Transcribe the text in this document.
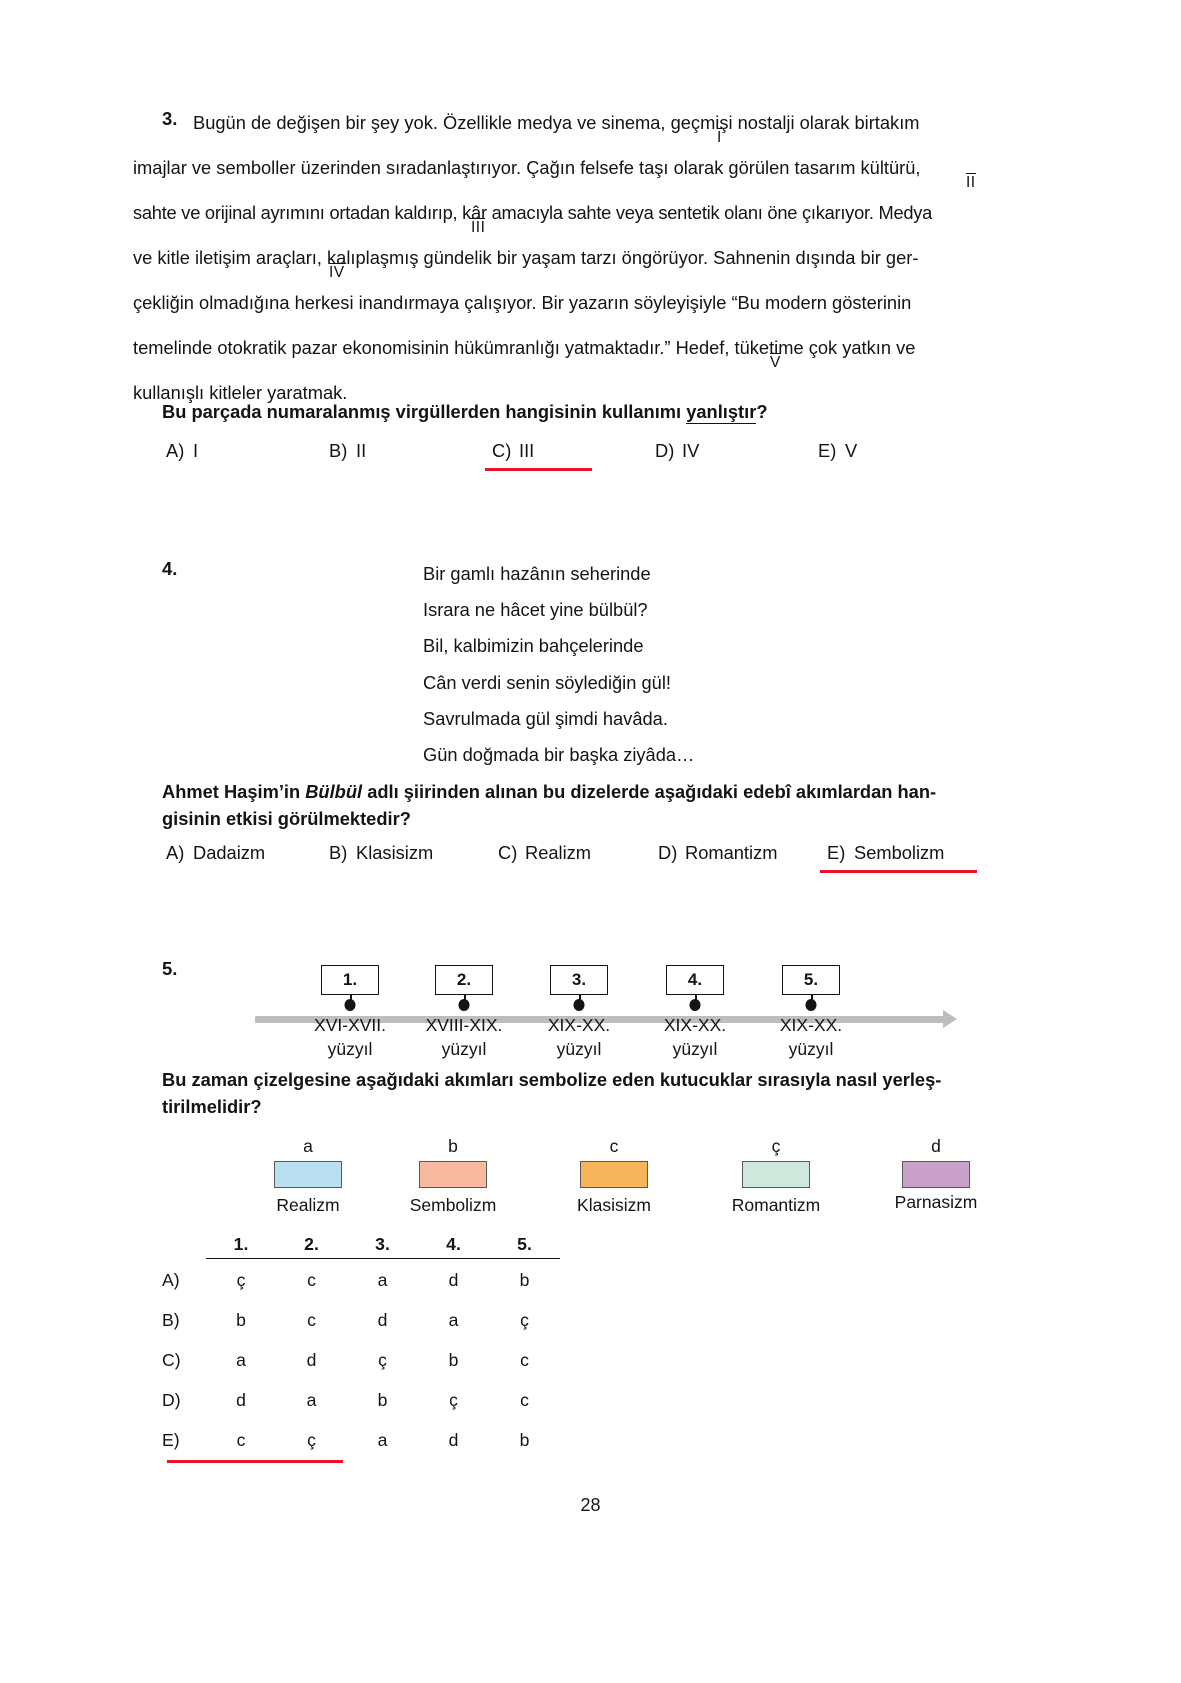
3. Bugün de değişen bir şey yok. Özellikle medya ve sinema, geçmişi nostalji olarak birtakım
I
imajlar ve semboller üzerinden sıradanlaştırıyor. Çağın felsefe taşı olarak görülen tasarım kültürü,
II
sahte ve orijinal ayrımını ortadan kaldırıp, kâr amacıyla sahte veya sentetik olanı öne çıkarıyor. Medya
III
ve kitle iletişim araçları, kalıplaşmış gündelik bir yaşam tarzı öngörüyor. Sahnenin dışında bir ger-
IV
çekliğin olmadığına herkesi inandırmaya çalışıyor. Bir yazarın söyleyişiyle “Bu modern gösterinin
temelinde otokratik pazar ekonomisinin hükümranlığı yatmaktadır.” Hedef, tüketime çok yatkın ve
V
kullanışlı kitleler yaratmak.
Bu parçada numaralanmış virgüllerden hangisinin kullanımı yanlıştır?
A) I	B) II	C) III	D) IV	E) V
4.	Bir gamlı hazânın seherinde
Israra ne hâcet yine bülbül?
Bil, kalbimizin bahçelerinde
Cân verdi senin söylediğin gül!
Savrulmada gül şimdi havâda.
Gün doğmada bir başka ziyâda…
Ahmet Haşim’in Bülbül adlı şiirinden alınan bu dizelerde aşağıdaki edebî akımlardan han-
gisinin etkisi görülmektedir?
A) Dadaizm	B) Klasisizm	C) Realizm	D) Romantizm	E) Sembolizm
5.
1.
XVI-XVII.
yüzyıl
2.
XVIII-XIX.
yüzyıl
3.
XIX-XX.
yüzyıl
4.
XIX-XX.
yüzyıl
5.
XIX-XX.
yüzyıl
Bu zaman çizelgesine aşağıdaki akımları sembolize eden kutucuklar sırasıyla nasıl yerleş-
tirilmelidir?
a
Realizm
b
Sembolizm
c
Klasisizm
ç
Romantizm
d
Parnasizm
1.	2.	3.	4.	5.
A)	ç	c	a	d	b
B)	b	c	d	a	ç
C)	a	d	ç	b	c
D)	d	a	b	ç	c
E)	c	ç	a	d	b
28
